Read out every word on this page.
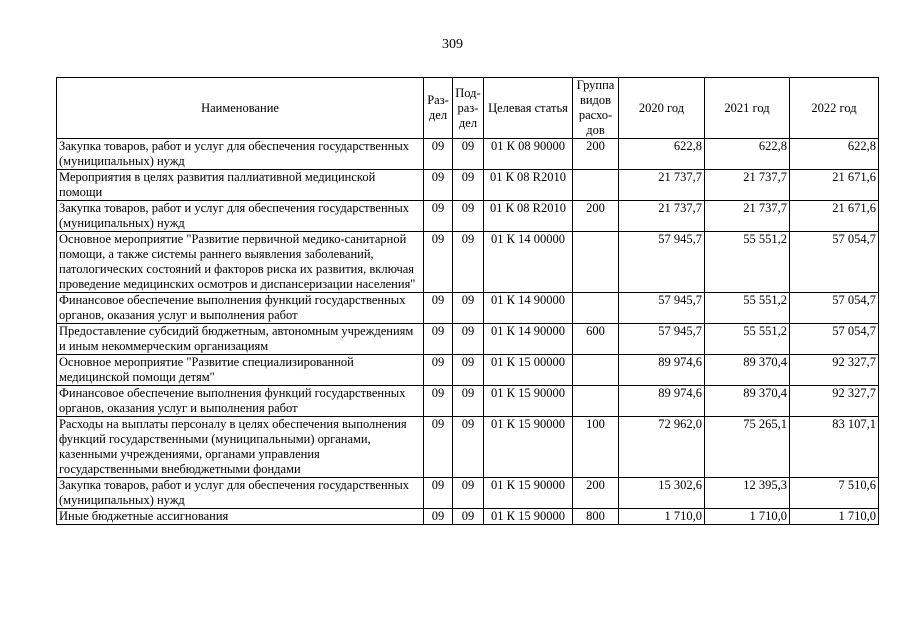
309
Наименование	Раз-дел	Под-раз-дел	Целевая статья	Группа видов расхо-дов	2020 год	2021 год	2022 год
Закупка товаров, работ и услуг для обеспечения государственных (муниципальных) нужд	09	09	01 К 08 90000	200	622,8	622,8	622,8
Мероприятия в целях развития паллиативной медицинской помощи	09	09	01 К 08 R2010		21 737,7	21 737,7	21 671,6
Закупка товаров, работ и услуг для обеспечения государственных (муниципальных) нужд	09	09	01 К 08 R2010	200	21 737,7	21 737,7	21 671,6
Основное мероприятие "Развитие первичной медико-санитарной помощи, а также системы раннего выявления заболеваний, патологических состояний и факторов риска их развития, включая проведение медицинских осмотров и диспансеризации населения"	09	09	01 К 14 00000		57 945,7	55 551,2	57 054,7
Финансовое обеспечение выполнения функций государственных органов, оказания услуг и выполнения работ	09	09	01 К 14 90000		57 945,7	55 551,2	57 054,7
Предоставление субсидий бюджетным, автономным учреждениям и иным некоммерческим организациям	09	09	01 К 14 90000	600	57 945,7	55 551,2	57 054,7
Основное мероприятие "Развитие специализированной медицинской помощи детям"	09	09	01 К 15 00000		89 974,6	89 370,4	92 327,7
Финансовое обеспечение выполнения функций государственных органов, оказания услуг и выполнения работ	09	09	01 К 15 90000		89 974,6	89 370,4	92 327,7
Расходы на выплаты персоналу в целях обеспечения выполнения функций государственными (муниципальными) органами, казенными учреждениями, органами управления государственными внебюджетными фондами	09	09	01 К 15 90000	100	72 962,0	75 265,1	83 107,1
Закупка товаров, работ и услуг для обеспечения государственных (муниципальных) нужд	09	09	01 К 15 90000	200	15 302,6	12 395,3	7 510,6
Иные бюджетные ассигнования	09	09	01 К 15 90000	800	1 710,0	1 710,0	1 710,0
